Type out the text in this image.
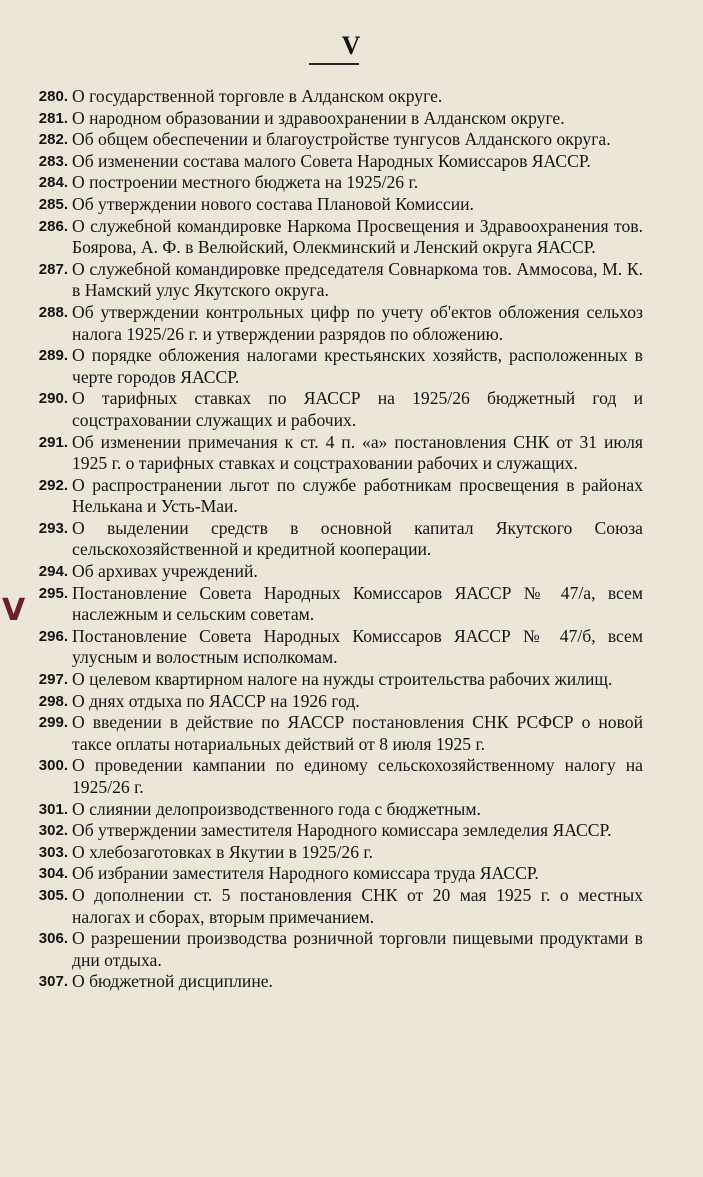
V
V
280. О государственной торговле в Алданском округе.
281. О народном образовании и здравоохранении в Алданском округе.
282. Об общем обеспечении и благоустройстве тунгусов Алданского округа.
283. Об изменении состава малого Совета Народных Комиссаров ЯАССР.
284. О построении местного бюджета на 1925/26 г.
285. Об утверждении нового состава Плановой Комиссии.
286. О служебной командировке Наркома Просвещения и Здравоохранения тов. Боярова, А. Ф. в Велюйский, Олекминский и Ленский округа ЯАССР.
287. О служебной командировке председателя Совнаркома тов. Аммосова, М. К. в Намский улус Якутского округа.
288. Об утверждении контрольных цифр по учету об'ектов обложения сельхоз налога 1925/26 г. и утверждении разрядов по обложению.
289. О порядке обложения налогами крестьянских хозяйств, расположенных в черте городов ЯАССР.
290. О тарифных ставках по ЯАССР на 1925/26 бюджетный год и соцстраховании служащих и рабочих.
291. Об изменении примечания к ст. 4 п. «а» постановления СНК от 31 июля 1925 г. о тарифных ставках и соцстраховании рабочих и служащих.
292. О распространении льгот по службе работникам просвещения в районах Нелькана и Усть-Маи.
293. О выделении средств в основной капитал Якутского Союза сельскохозяйственной и кредитной кооперации.
294. Об архивах учреждений.
295. Постановление Совета Народных Комиссаров ЯАССР № 47/а, всем наслежным и сельским советам.
296. Постановление Совета Народных Комиссаров ЯАССР № 47/б, всем улусным и волостным исполкомам.
297. О целевом квартирном налоге на нужды строительства рабочих жилищ.
298. О днях отдыха по ЯАССР на 1926 год.
299. О введении в действие по ЯАССР постановления СНК РСФСР о новой таксе оплаты нотариальных действий от 8 июля 1925 г.
300. О проведении кампании по единому сельскохозяйственному налогу на 1925/26 г.
301. О слиянии делопроизводственного года с бюджетным.
302. Об утверждении заместителя Народного комиссара земледелия ЯАССР.
303. О хлебозаготовках в Якутии в 1925/26 г.
304. Об избрании заместителя Народного комиссара труда ЯАССР.
305. О дополнении ст. 5 постановления СНК от 20 мая 1925 г. о местных налогах и сборах, вторым примечанием.
306. О разрешении производства розничной торговли пищевыми продуктами в дни отдыха.
307. О бюджетной дисциплине.
